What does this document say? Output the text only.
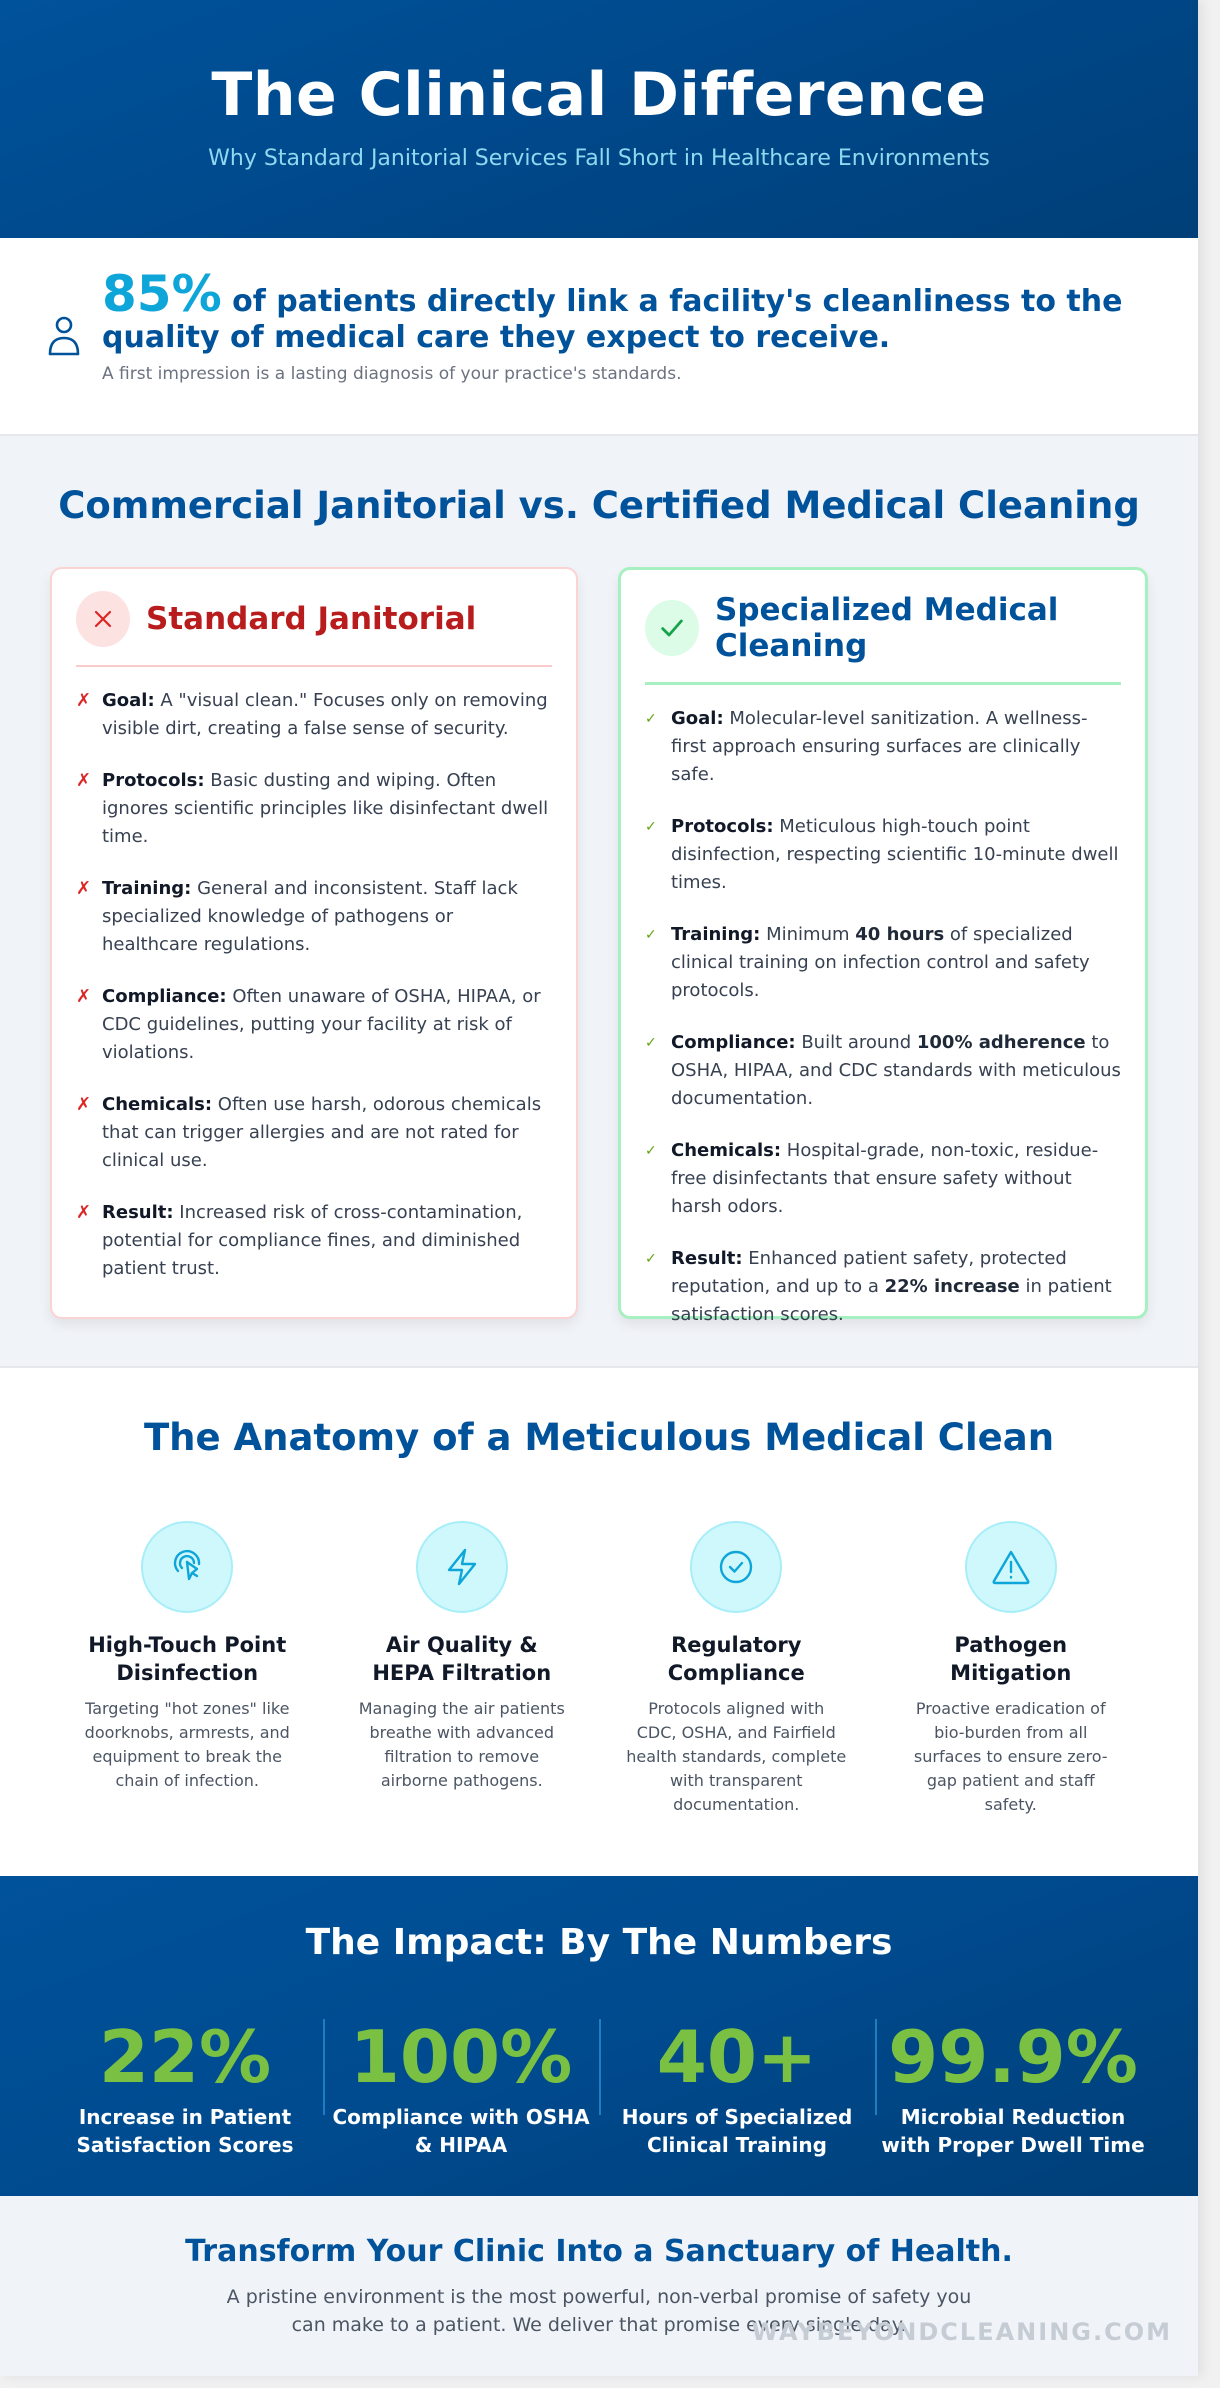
The Clinical Difference

Why Standard Janitorial Services Fall Short in Healthcare Environments

85% of patients directly link a facility's cleanliness to the quality of medical care they expect to receive.
A first impression is a lasting diagnosis of your practice's standards.
Commercial Janitorial vs. Certified Medical Cleaning
Standard Janitorial
✗ Goal: A "visual clean." Focuses only on removing visible dirt, creating a false sense of security.
✗ Protocols: Basic dusting and wiping. Often ignores scientific principles like disinfectant dwell time.
✗ Training: General and inconsistent. Staff lack specialized knowledge of pathogens or healthcare regulations.
✗ Compliance: Often unaware of OSHA, HIPAA, or CDC guidelines, putting your facility at risk of violations.
✗ Chemicals: Often use harsh, odorous chemicals that can trigger allergies and are not rated for clinical use.
✗ Result: Increased risk of cross-contamination, potential for compliance fines, and diminished patient trust.
Specialized Medical Cleaning
✓ Goal: Molecular-level sanitization. A wellness-first approach ensuring surfaces are clinically safe.
✓ Protocols: Meticulous high-touch point disinfection, respecting scientific 10-minute dwell times.
✓ Training: Minimum 40 hours of specialized clinical training on infection control and safety protocols.
✓ Compliance: Built around 100% adherence to OSHA, HIPAA, and CDC standards with meticulous documentation.
✓ Chemicals: Hospital-grade, non-toxic, residue-free disinfectants that ensure safety without harsh odors.
✓ Result: Enhanced patient safety, protected reputation, and up to a 22% increase in patient satisfaction scores.
The Anatomy of a Meticulous Medical Clean
High-Touch Point Disinfection
Targeting "hot zones" like doorknobs, armrests, and equipment to break the chain of infection.
Air Quality & HEPA Filtration
Managing the air patients breathe with advanced filtration to remove airborne pathogens.
Regulatory Compliance
Protocols aligned with CDC, OSHA, and Fairfield health standards, complete with transparent documentation.
Pathogen Mitigation
Proactive eradication of bio-burden from all surfaces to ensure zero-gap patient and staff safety.
The Impact: By The Numbers
22%
Increase in Patient Satisfaction Scores
100%
Compliance with OSHA & HIPAA
40+
Hours of Specialized Clinical Training
99.9%
Microbial Reduction with Proper Dwell Time
Transform Your Clinic Into a Sanctuary of Health.

A pristine environment is the most powerful, non-verbal promise of safety you can make to a patient. We deliver that promise every single day.

WAYBEYONDCLEANING.COM
